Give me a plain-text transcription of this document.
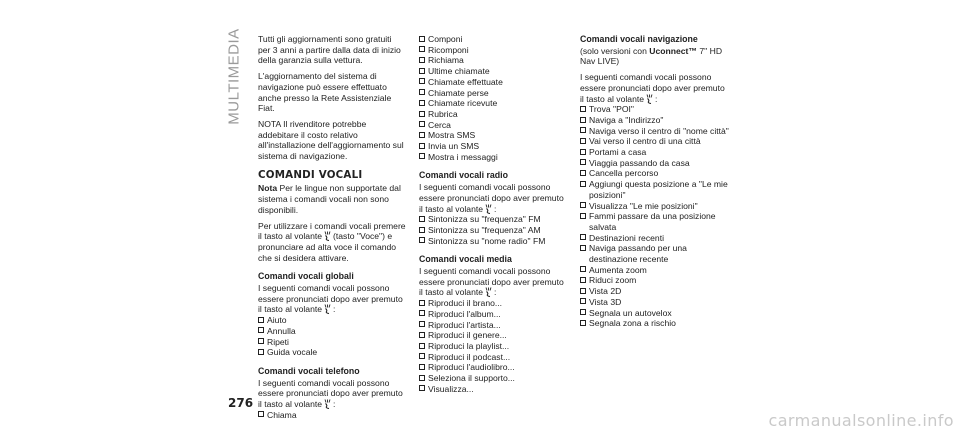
MULTIMEDIA Tutti gli aggiornamenti sono gratuiti per 3 anni a partire dalla data di inizio della garanzia sulla vettura.

L'aggiornamento del sistema di navigazione può essere effettuato anche presso la Rete Assistenziale Fiat.

NOTA Il rivenditore potrebbe addebitare il costo relativo all'installazione dell'aggiornamento sul sistema di navigazione.

COMANDI VOCALI

Nota Per le lingue non supportate dal sistema i comandi vocali non sono disponibili.

Per utilizzare i comandi vocali premere il tasto al volante (tasto "Voce") e pronunciare ad alta voce il comando che si desidera attivare.

Comandi vocali globali
I seguenti comandi vocali possono essere pronunciati dopo aver premuto il tasto al volante :
Aiuto
Annulla
Ripeti
Guida vocale
Comandi vocali telefono
I seguenti comandi vocali possono essere pronunciati dopo aver premuto il tasto al volante :
Chiama
Componi
Ricomponi
Richiama
Ultime chiamate
Chiamate effettuate
Chiamate perse
Chiamate ricevute
Rubrica
Cerca
Mostra SMS
Invia un SMS
Mostra i messaggi
Comandi vocali radio
I seguenti comandi vocali possono essere pronunciati dopo aver premuto il tasto al volante :
Sintonizza su "frequenza" FM
Sintonizza su "frequenza" AM
Sintonizza su "nome radio" FM
Comandi vocali media
I seguenti comandi vocali possono essere pronunciati dopo aver premuto il tasto al volante :
Riproduci il brano...
Riproduci l'album...
Riproduci l'artista...
Riproduci il genere...
Riproduci la playlist...
Riproduci il podcast...
Riproduci l'audiolibro...
Seleziona il supporto...
Visualizza...
Comandi vocali navigazione

(solo versioni con Uconnect™ 7" HD Nav LIVE)

I seguenti comandi vocali possono essere pronunciati dopo aver premuto il tasto al volante :
Trova "POI"
Naviga a "Indirizzo"
Naviga verso il centro di "nome città"
Vai verso il centro di una città
Portami a casa
Viaggia passando da casa
Cancella percorso
Aggiungi questa posizione a "Le mie posizioni"
Visualizza "Le mie posizioni"
Fammi passare da una posizione salvata
Destinazioni recenti
Naviga passando per una destinazione recente
Aumenta zoom
Riduci zoom
Vista 2D
Vista 3D
Segnala un autovelox
Segnala zona a rischio
276
carmanualsonline.info
